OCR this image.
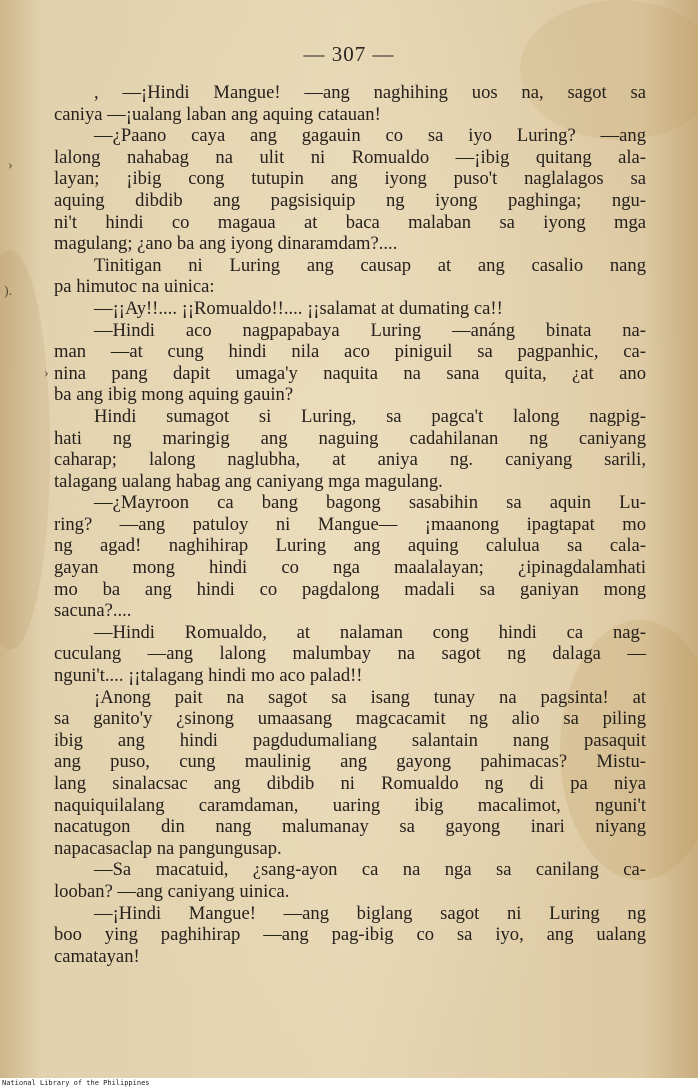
— 307 —

, —¡Hindi Mangue! —ang naghihing uos na, sagot sa
caniya —¡ualang laban ang aquing catauan!

—¿Paano caya ang gagauin co sa iyo Luring? —ang
lalong nahabag na ulit ni Romualdo —¡ibig quitang ala-
layan; ¡ibig cong tutupin ang iyong puso't naglalagos sa
aquing dibdib ang pagsisiquip ng iyong paghinga; ngu-
ni't hindi co magaua at baca malaban sa iyong mga
magulang; ¿ano ba ang iyong dinaramdam?....

Tinitigan ni Luring ang causap at ang casalio nang
pa himutoc na uinica:

—¡¡Ay!!.... ¡¡Romualdo!!.... ¡¡salamat at dumating ca!!

—Hindi aco nagpapabaya Luring —anáng binata na-
man —at cung hindi nila aco piniguil sa pagpanhic, ca-
nina pang dapit umaga'y naquita na sana quita, ¿at ano
ba ang ibig mong aquing gauin?

Hindi sumagot si Luring, sa pagca't lalong nagpig-
hati ng maringig ang naguing cadahilanan ng caniyang
caharap; lalong naglubha, at aniya ng. caniyang sarili,
talagang ualang habag ang caniyang mga magulang.

—¿Mayroon ca bang bagong sasabihin sa aquin Lu-
ring? —ang patuloy ni Mangue— ¡maanong ipagtapat mo
ng agad! naghihirap Luring ang aquing calulua sa cala-
gayan mong hindi co nga maalalayan; ¿ipinagdalamhati
mo ba ang hindi co pagdalong madali sa ganiyan mong
sacuna?....

—Hindi Romualdo, at nalaman cong hindi ca nag-
cuculang —ang lalong malumbay na sagot ng dalaga —
nguni't.... ¡¡talagang hindi mo aco palad!!

¡Anong pait na sagot sa isang tunay na pagsinta! at
sa ganito'y ¿sinong umaasang magcacamit ng alio sa piling
ibig ang hindi pagdudumaliang salantain nang pasaquit
ang puso, cung maulinig ang gayong pahimacas? Mistu-
lang sinalacsac ang dibdib ni Romualdo ng di pa niya
naquiquilalang caramdaman, uaring ibig macalimot, nguni't
nacatugon din nang malumanay sa gayong inari niyang
napacasaclap na pangungusap.

—Sa macatuid, ¿sang-ayon ca na nga sa canilang ca-
looban? —ang caniyang uinica.

—¡Hindi Mangue! —ang biglang sagot ni Luring ng
boo ying paghihirap —ang pag-ibig co sa iyo, ang ualang
camatayan!

›
).
›
National Library of the Philippines
